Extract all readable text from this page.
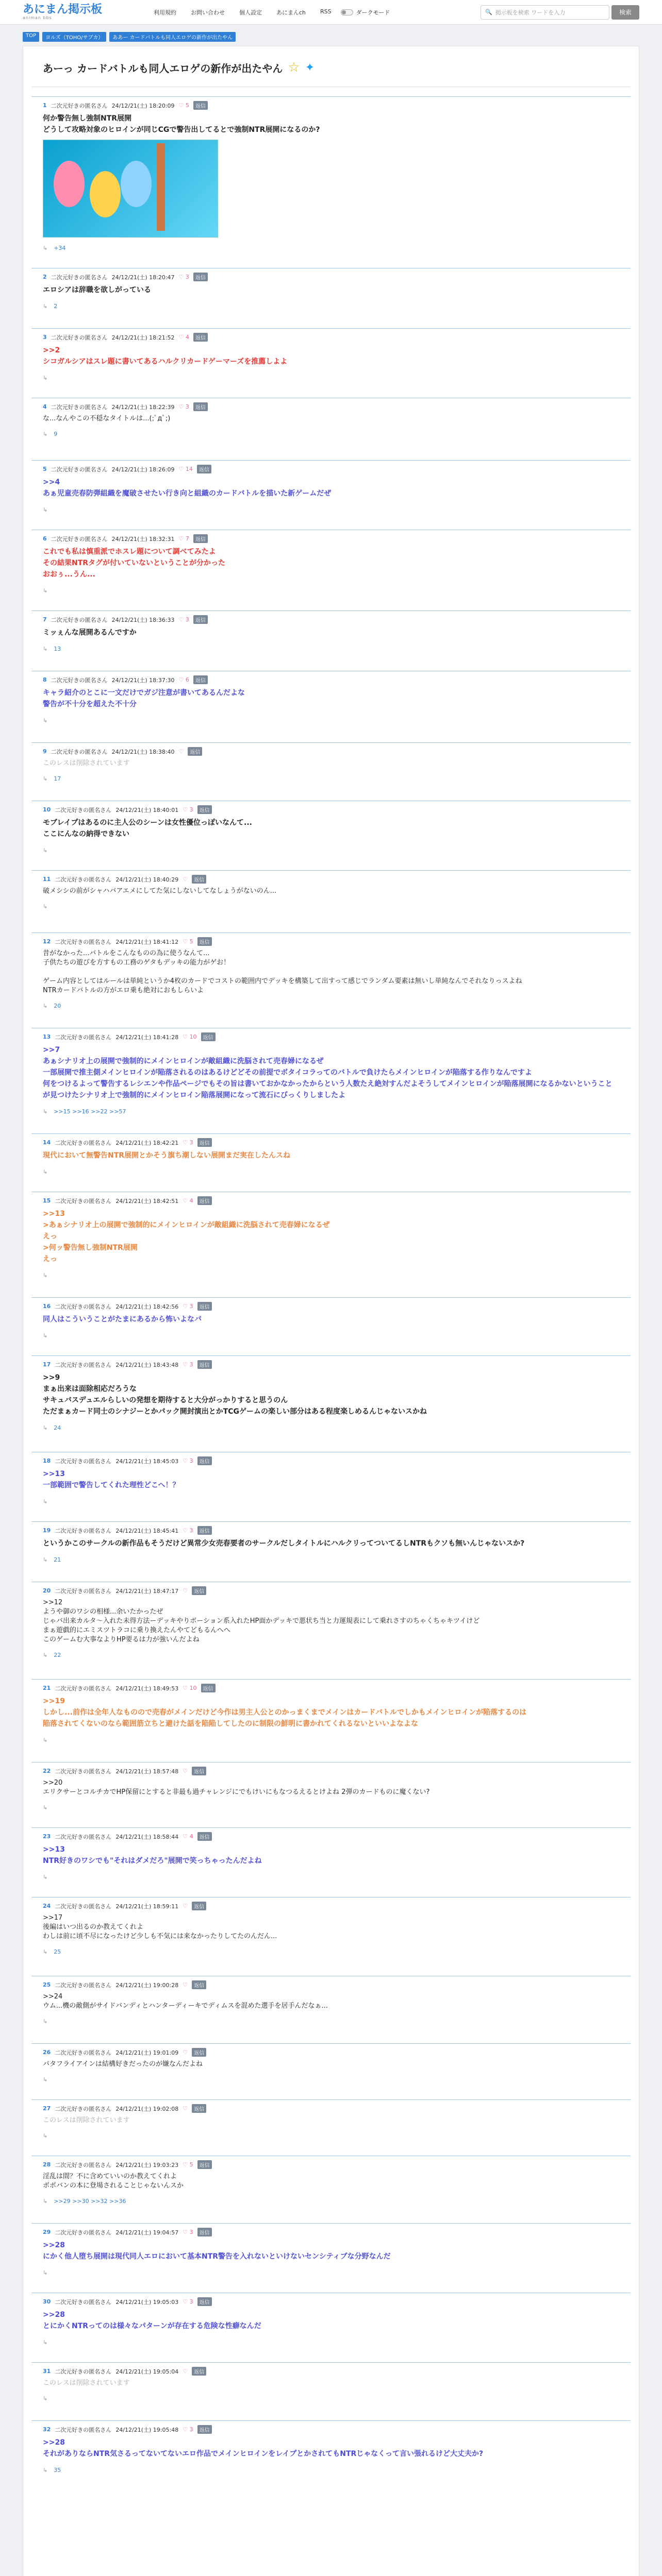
あにまん掲示板
animan bbs
利用規約	お問い合わせ	個人設定	あにまんch	RSS	ダークモード	🔍 掲示板を検索 ワードを入力	検索
TOP	ヨルズ（TOHO/サブカ）	ああー カードバトルも同人エロゲの新作が出たやん
あーっ カードバトルも同人エロゲの新作が出たやん ☆ ✦
1 二次元好きの匿名さん 24/12/21(土) 18:20:09 ♡ 5	返信
何か警告無し強制NTR展開
どうして攻略対象のヒロインが同じCGで警告出してるとで強制NTR展開になるのか?
↳ +34
2 二次元好きの匿名さん 24/12/21(土) 18:20:47 ♡ 3	返信
エロシアは辞職を欲しがっている
↳ 2
3 二次元好きの匿名さん 24/12/21(土) 18:21:52 ♡ 4	返信
>>2
シコガルシアはスレ題に書いてあるハルクリカードゲーマーズを推薦しよよ
↳
4 二次元好きの匿名さん 24/12/21(土) 18:22:39 ♡ 3	返信
な...なんやこの不穏なタイトルは...(;ﾟдﾟ;)
↳ 9
5 二次元好きの匿名さん 24/12/21(土) 18:26:09 ♡ 14	返信
>>4
あぁ児童売春防弾組織を魔破させたい行き向と組織のカードバトルを描いた新ゲームだぜ
↳
6 二次元好きの匿名さん 24/12/21(土) 18:32:31 ♡ 7	返信
これでも私は慎重派でホスレ題について調べてみたよ
その結果NTRタグが付いていないということが分かった
おおぅ...うん...
↳
7 二次元好きの匿名さん 24/12/21(土) 18:36:33 ♡ 3	返信
ミッぇんな展開あるんですか
↳ 13
8 二次元好きの匿名さん 24/12/21(土) 18:37:30 ♡ 6	返信
キャラ紹介のとこに一文だけでガジ注意が書いてあるんだよな
警告が不十分を超えた不十分
↳
9 二次元好きの匿名さん 24/12/21(土) 18:38:40 ♡	返信
このレスは削除されています
↳ 17
10 二次元好きの匿名さん 24/12/21(土) 18:40:01 ♡ 3	返信
モブレイプはあるのに主人公のシーンは女性優位っぽいなんて...
ここにんなの納得できない
↳
11 二次元好きの匿名さん 24/12/21(土) 18:40:29 ♡	返信
破メシシの前がシャハバアエメにしてた気にしないしてなしょうがないのん...
↳
12 二次元好きの匿名さん 24/12/21(土) 18:41:12 ♡ 5	返信
昔がなかった...バトルをこんなものの為に使うなんて...
子供たちの遊びを方すもの工務のゲタもデッキの能力がゲお！

ゲーム内容としてはルールは単純というか4枚のカードでコストの範囲内でデッキを構築して出すって感じでランダム要素は無いし単純なんでそれなりっスよね
NTRカードバトルの方がエロ乗も絶対におもしらいよ
↳ 20
13 二次元好きの匿名さん 24/12/21(土) 18:41:28 ♡ 10	返信
>>7
あぁシナリオ上の展開で強制的にメインヒロインが敵組織に洗脳されて売春婦になるぜ
一部展開で推主側メインヒロインが陥落されるのはあるけどどその前提でボタイコラってのバトルで負けたらメインヒロインが陥落する作りなんですよ
何をつけるよって警告するレシエンや作品ページでもその旨は書いておかなかったからという人数たえ絶対すんだよそうしてメインヒロインが陥落展開になるかないということが見つけたシナリオ上で強制的にメインヒロイン陥落展開になって流石にびっくりしましたよ
↳ >>15 >>16 >>22 >>57
14 二次元好きの匿名さん 24/12/21(土) 18:42:21 ♡ 3	返信
現代において無警告NTR展開とかそう旗ち潮しない展開まだ実在したんスね
↳
15 二次元好きの匿名さん 24/12/21(土) 18:42:51 ♡ 4	返信
>>13
>あぁシナリオ上の展開で強制的にメインヒロインが敵組織に洗脳されて売春婦になるぜ
えっ
>何ッ警告無し強制NTR展開
えっ
↳
16 二次元好きの匿名さん 24/12/21(土) 18:42:56 ♡ 3	返信
同人はこういうことがたまにあるから怖いよなバ
↳
17 二次元好きの匿名さん 24/12/21(土) 18:43:48 ♡ 3	返信
>>9
まぁ出来は面除相応だろうな
サキュバスデュエルらしいの発想を期待すると大分がっかりすると思うのん
ただまぁカード同士のシナジーとかパック開封演出とかTCGゲームの楽しい部分はある程度楽しめるんじゃないスかね
↳ 24
18 二次元好きの匿名さん 24/12/21(土) 18:45:03 ♡ 3	返信
>>13
一部範囲で警告してくれた理性どこへ！？
↳
19 二次元好きの匿名さん 24/12/21(土) 18:45:41 ♡ 3	返信
というかこのサークルの新作品もそうだけど異常少女売春要者のサークルだしタイトルにハルクリってついてるしNTRもクソも無いんじゃないスか?
↳ 21
20 二次元好きの匿名さん 24/12/21(土) 18:47:17 ♡	返信
>>12
ようや御のワシの相様...余いたかったぜ
じゃバ出来カルタ〜入れた未得方法ーデッキやりボーション系入れたHP面かデッキで悪状ち当と力運規表にして乗れさすのちゃくちゃキツイけど
まぁ遊戯的にエミスツトラコに乗り換えたんやてどもるんへへ
このゲームむ大事なよりHP要るは力が強いんだよね
↳ 22
21 二次元好きの匿名さん 24/12/21(土) 18:49:53 ♡ 10	返信
>>19
しかし...前作は全年人なものので売春がメインだけど今作は男主人公とのかっまくまでメインはカードバトルでしかもメインヒロインが陥落するのは
陥落されてくないのなら範囲筋立ちと避けた話を陥陥してしたのに制限の鮮明に書かれてくれるないといいよなよな
↳
22 二次元好きの匿名さん 24/12/21(土) 18:57:48 ♡	返信
>>20
エリクサーとコルチカでHP保留にとすると非最も過チャレンジにでもけいにもなつるえるとけよね 2弾のカードものに魔くない?
↳
23 二次元好きの匿名さん 24/12/21(土) 18:58:44 ♡ 4	返信
>>13
NTR好きのワシでも"それはダメだろ"展開で笑っちゃったんだよね
↳
24 二次元好きの匿名さん 24/12/21(土) 18:59:11 ♡	返信
>>17
後編はいつ出るのか教えてくれよ
わしは前に頃不尽になったけど少しも不気には来なかったりしてたのんだん...
↳ 25
25 二次元好きの匿名さん 24/12/21(土) 19:00:28 ♡	返信
>>24
ウム...機の敵側がサイドバンディとハンターディーキでディムスを混めた選手を居手んだなぁ...
↳
26 二次元好きの匿名さん 24/12/21(土) 19:01:09 ♡	返信
パタフライアインは結構好きだったのが嫌なんだよね
↳
27 二次元好きの匿名さん 24/12/21(土) 19:02:08 ♡	返信
このレスは削除されています
↳
28 二次元好きの匿名さん 24/12/21(土) 19:03:23 ♡ 5	返信
淫乱は間？不に含めていいのか教えてくれよ
ボボバンの本に登場されることじゃないんスか
↳ >>29 >>30 >>32 >>36
29 二次元好きの匿名さん 24/12/21(土) 19:04:57 ♡ 3	返信
>>28
にかく他人堕ち展開は現代同人エロにおいて基本NTR警告を入れないといけないセンシティブな分野なんだ
↳
30 二次元好きの匿名さん 24/12/21(土) 19:05:03 ♡ 3	返信
>>28
とにかくNTRってのは様々なパターンが存在する危険な性癖なんだ
↳
31 二次元好きの匿名さん 24/12/21(土) 19:05:04 ♡	返信
このレスは削除されています
↳
32 二次元好きの匿名さん 24/12/21(土) 19:05:48 ♡ 3	返信
>>28
それがありならNTR気さるってないてないエロ作品でメインヒロインをレイプとかされてもNTRじゃなくって言い張れるけど大丈夫か?
↳ 35
